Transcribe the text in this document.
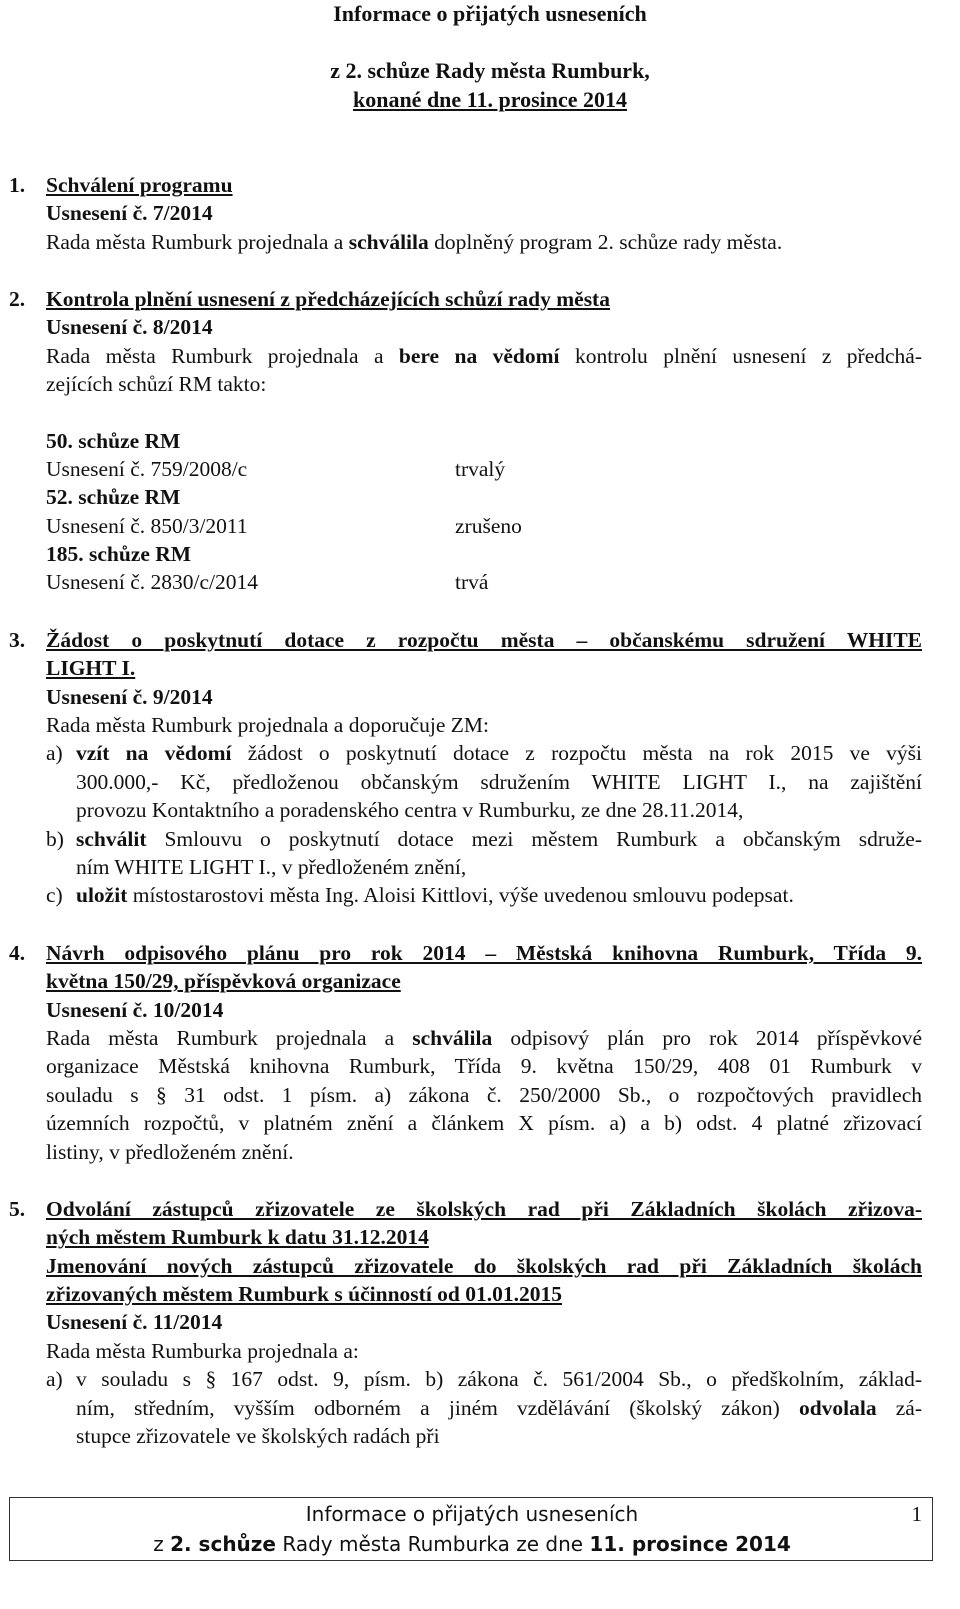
Informace o přijatých usneseních
z 2. schůze Rady města Rumburk,
konané dne 11. prosince 2014
1. Schválení programu
Usnesení č. 7/2014
Rada města Rumburk projednala a schválila doplněný program 2. schůze rady města.
2. Kontrola plnění usnesení z předcházejících schůzí rady města
Usnesení č. 8/2014
Rada města Rumburk projednala a bere na vědomí kontrolu plnění usnesení z předchá-
zejících schůzí RM takto:
50. schůze RM
Usnesení č. 759/2008/c	trvalý
52. schůze RM
Usnesení č. 850/3/2011	zrušeno
185. schůze RM
Usnesení č. 2830/c/2014	trvá
3. Žádost o poskytnutí dotace z rozpočtu města – občanskému sdružení WHITE
LIGHT I.
Usnesení č. 9/2014
Rada města Rumburk projednala a doporučuje ZM:
a) vzít na vědomí žádost o poskytnutí dotace z rozpočtu města na rok 2015 ve výši
300.000,- Kč, předloženou občanským sdružením WHITE LIGHT I., na zajištění
provozu Kontaktního a poradenského centra v Rumburku, ze dne 28.11.2014,
b) schválit Smlouvu o poskytnutí dotace mezi městem Rumburk a občanským sdruže-
ním WHITE LIGHT I., v předloženém znění,
c) uložit místostarostovi města Ing. Aloisi Kittlovi, výše uvedenou smlouvu podepsat.
4. Návrh odpisového plánu pro rok 2014 – Městská knihovna Rumburk, Třída 9.
května 150/29, příspěvková organizace
Usnesení č. 10/2014
Rada města Rumburk projednala a schválila odpisový plán pro rok 2014 příspěvkové
organizace Městská knihovna Rumburk, Třída 9. května 150/29, 408 01 Rumburk v
souladu s § 31 odst. 1 písm. a) zákona č. 250/2000 Sb., o rozpočtových pravidlech
územních rozpočtů, v platném znění a článkem X písm. a) a b) odst. 4 platné zřizovací
listiny, v předloženém znění.
5. Odvolání zástupců zřizovatele ze školských rad při Základních školách zřizova-
ných městem Rumburk k datu 31.12.2014
Jmenování nových zástupců zřizovatele do školských rad při Základních školách
zřizovaných městem Rumburk s účinností od 01.01.2015
Usnesení č. 11/2014
Rada města Rumburka projednala a:
a) v souladu s § 167 odst. 9, písm. b) zákona č. 561/2004 Sb., o předškolním, základ-
ním, středním, vyšším odborném a jiném vzdělávání (školský zákon) odvolala zá-
stupce zřizovatele ve školských radách při
Informace o přijatých usneseních
z 2. schůze Rady města Rumburka ze dne 11. prosince 2014
1
